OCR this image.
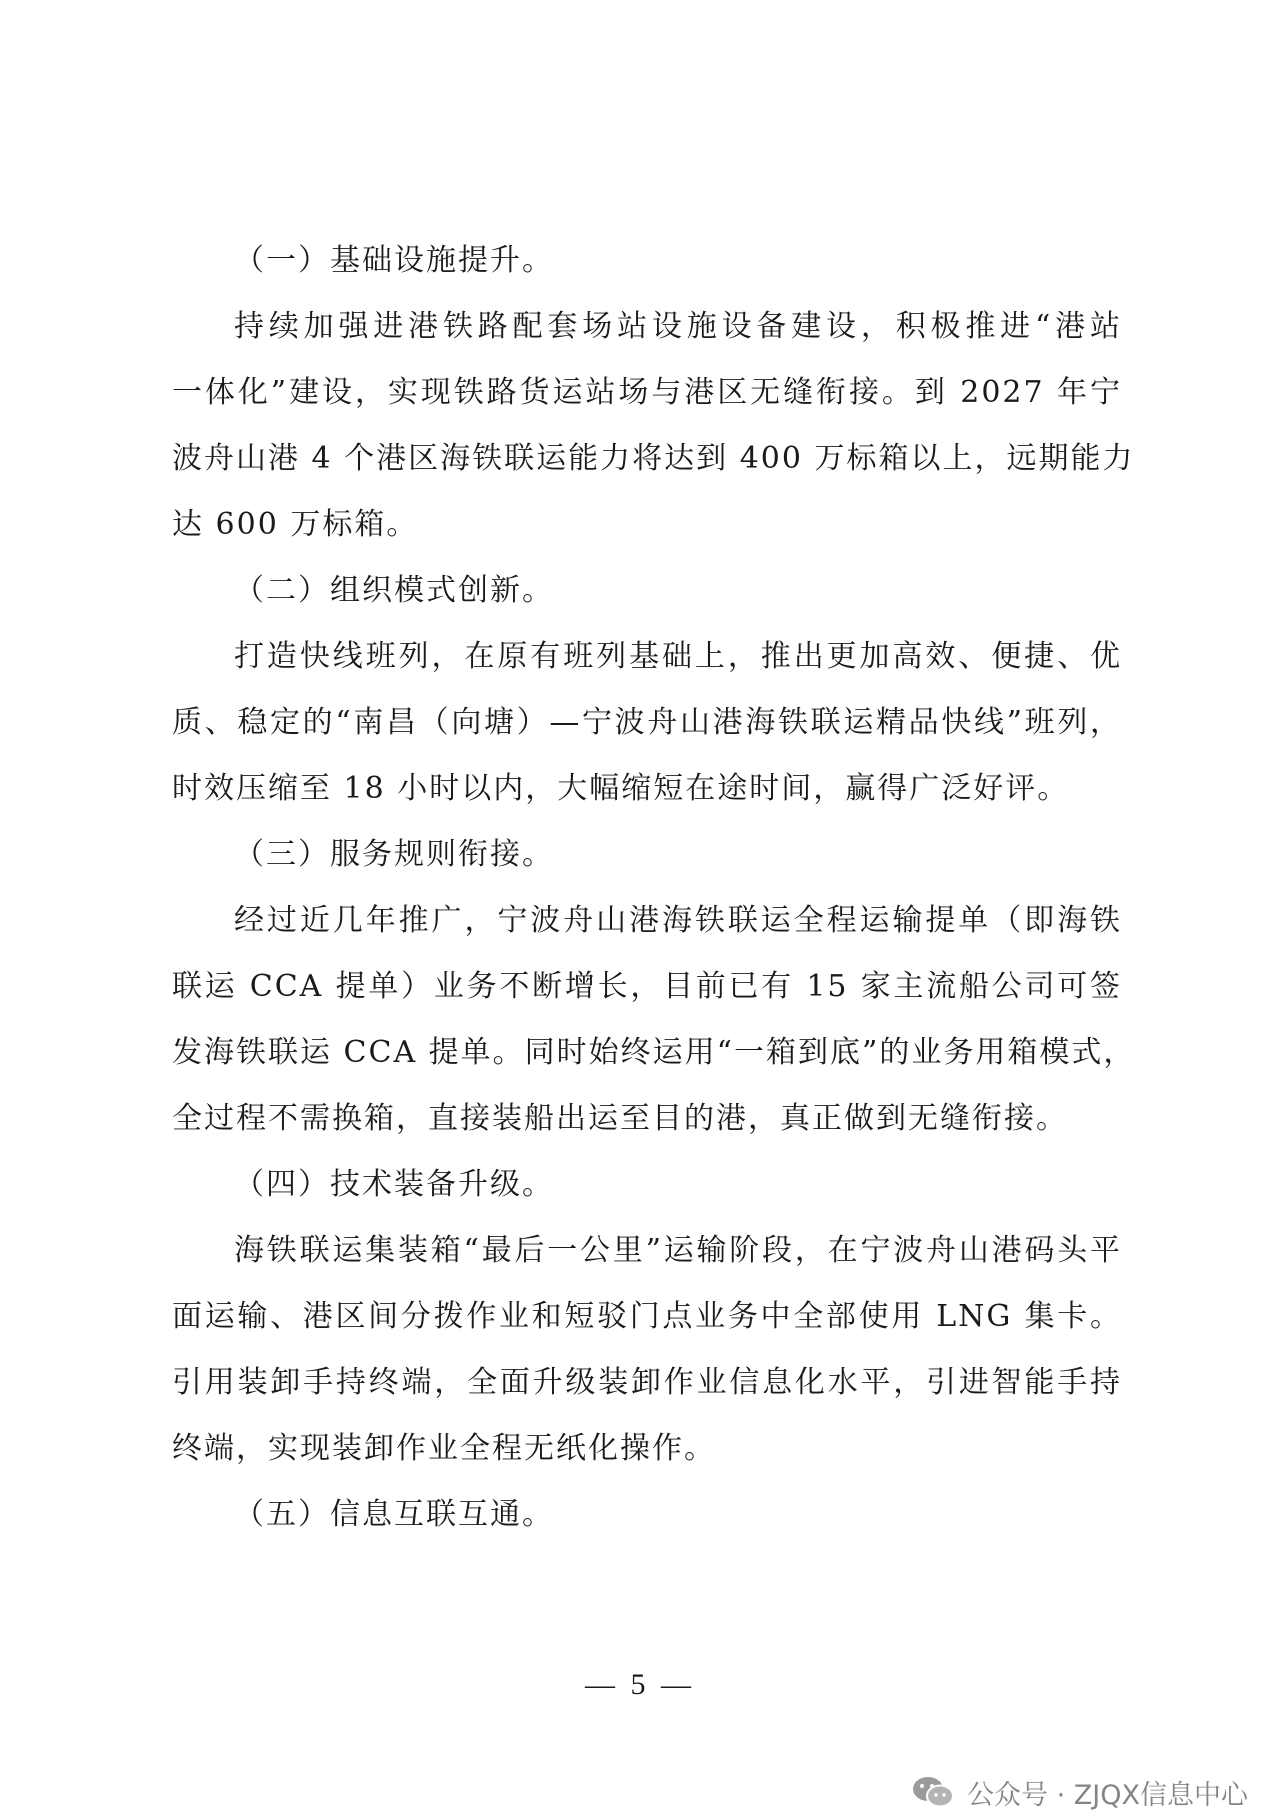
（一）基础设施提升。

持续加强进港铁路配套场站设施设备建设，积极推进“港站
一体化”建设，实现铁路货运站场与港区无缝衔接。到 2027 年宁
波舟山港 4 个港区海铁联运能力将达到 400 万标箱以上，远期能力
达 600 万标箱。

（二）组织模式创新。

打造快线班列，在原有班列基础上，推出更加高效、便捷、优
质、稳定的“南昌（向塘）—宁波舟山港海铁联运精品快线”班列，
时效压缩至 18 小时以内，大幅缩短在途时间，赢得广泛好评。

（三）服务规则衔接。

经过近几年推广，宁波舟山港海铁联运全程运输提单（即海铁
联运 CCA 提单）业务不断增长，目前已有 15 家主流船公司可签
发海铁联运 CCA 提单。同时始终运用“一箱到底”的业务用箱模式，
全过程不需换箱，直接装船出运至目的港，真正做到无缝衔接。

（四）技术装备升级。

海铁联运集装箱“最后一公里”运输阶段，在宁波舟山港码头平
面运输、港区间分拨作业和短驳门点业务中全部使用 LNG 集卡。
引用装卸手持终端，全面升级装卸作业信息化水平，引进智能手持
终端，实现装卸作业全程无纸化操作。

（五）信息互联互通。

— 5 —
公众号 · ZJQX信息中心
